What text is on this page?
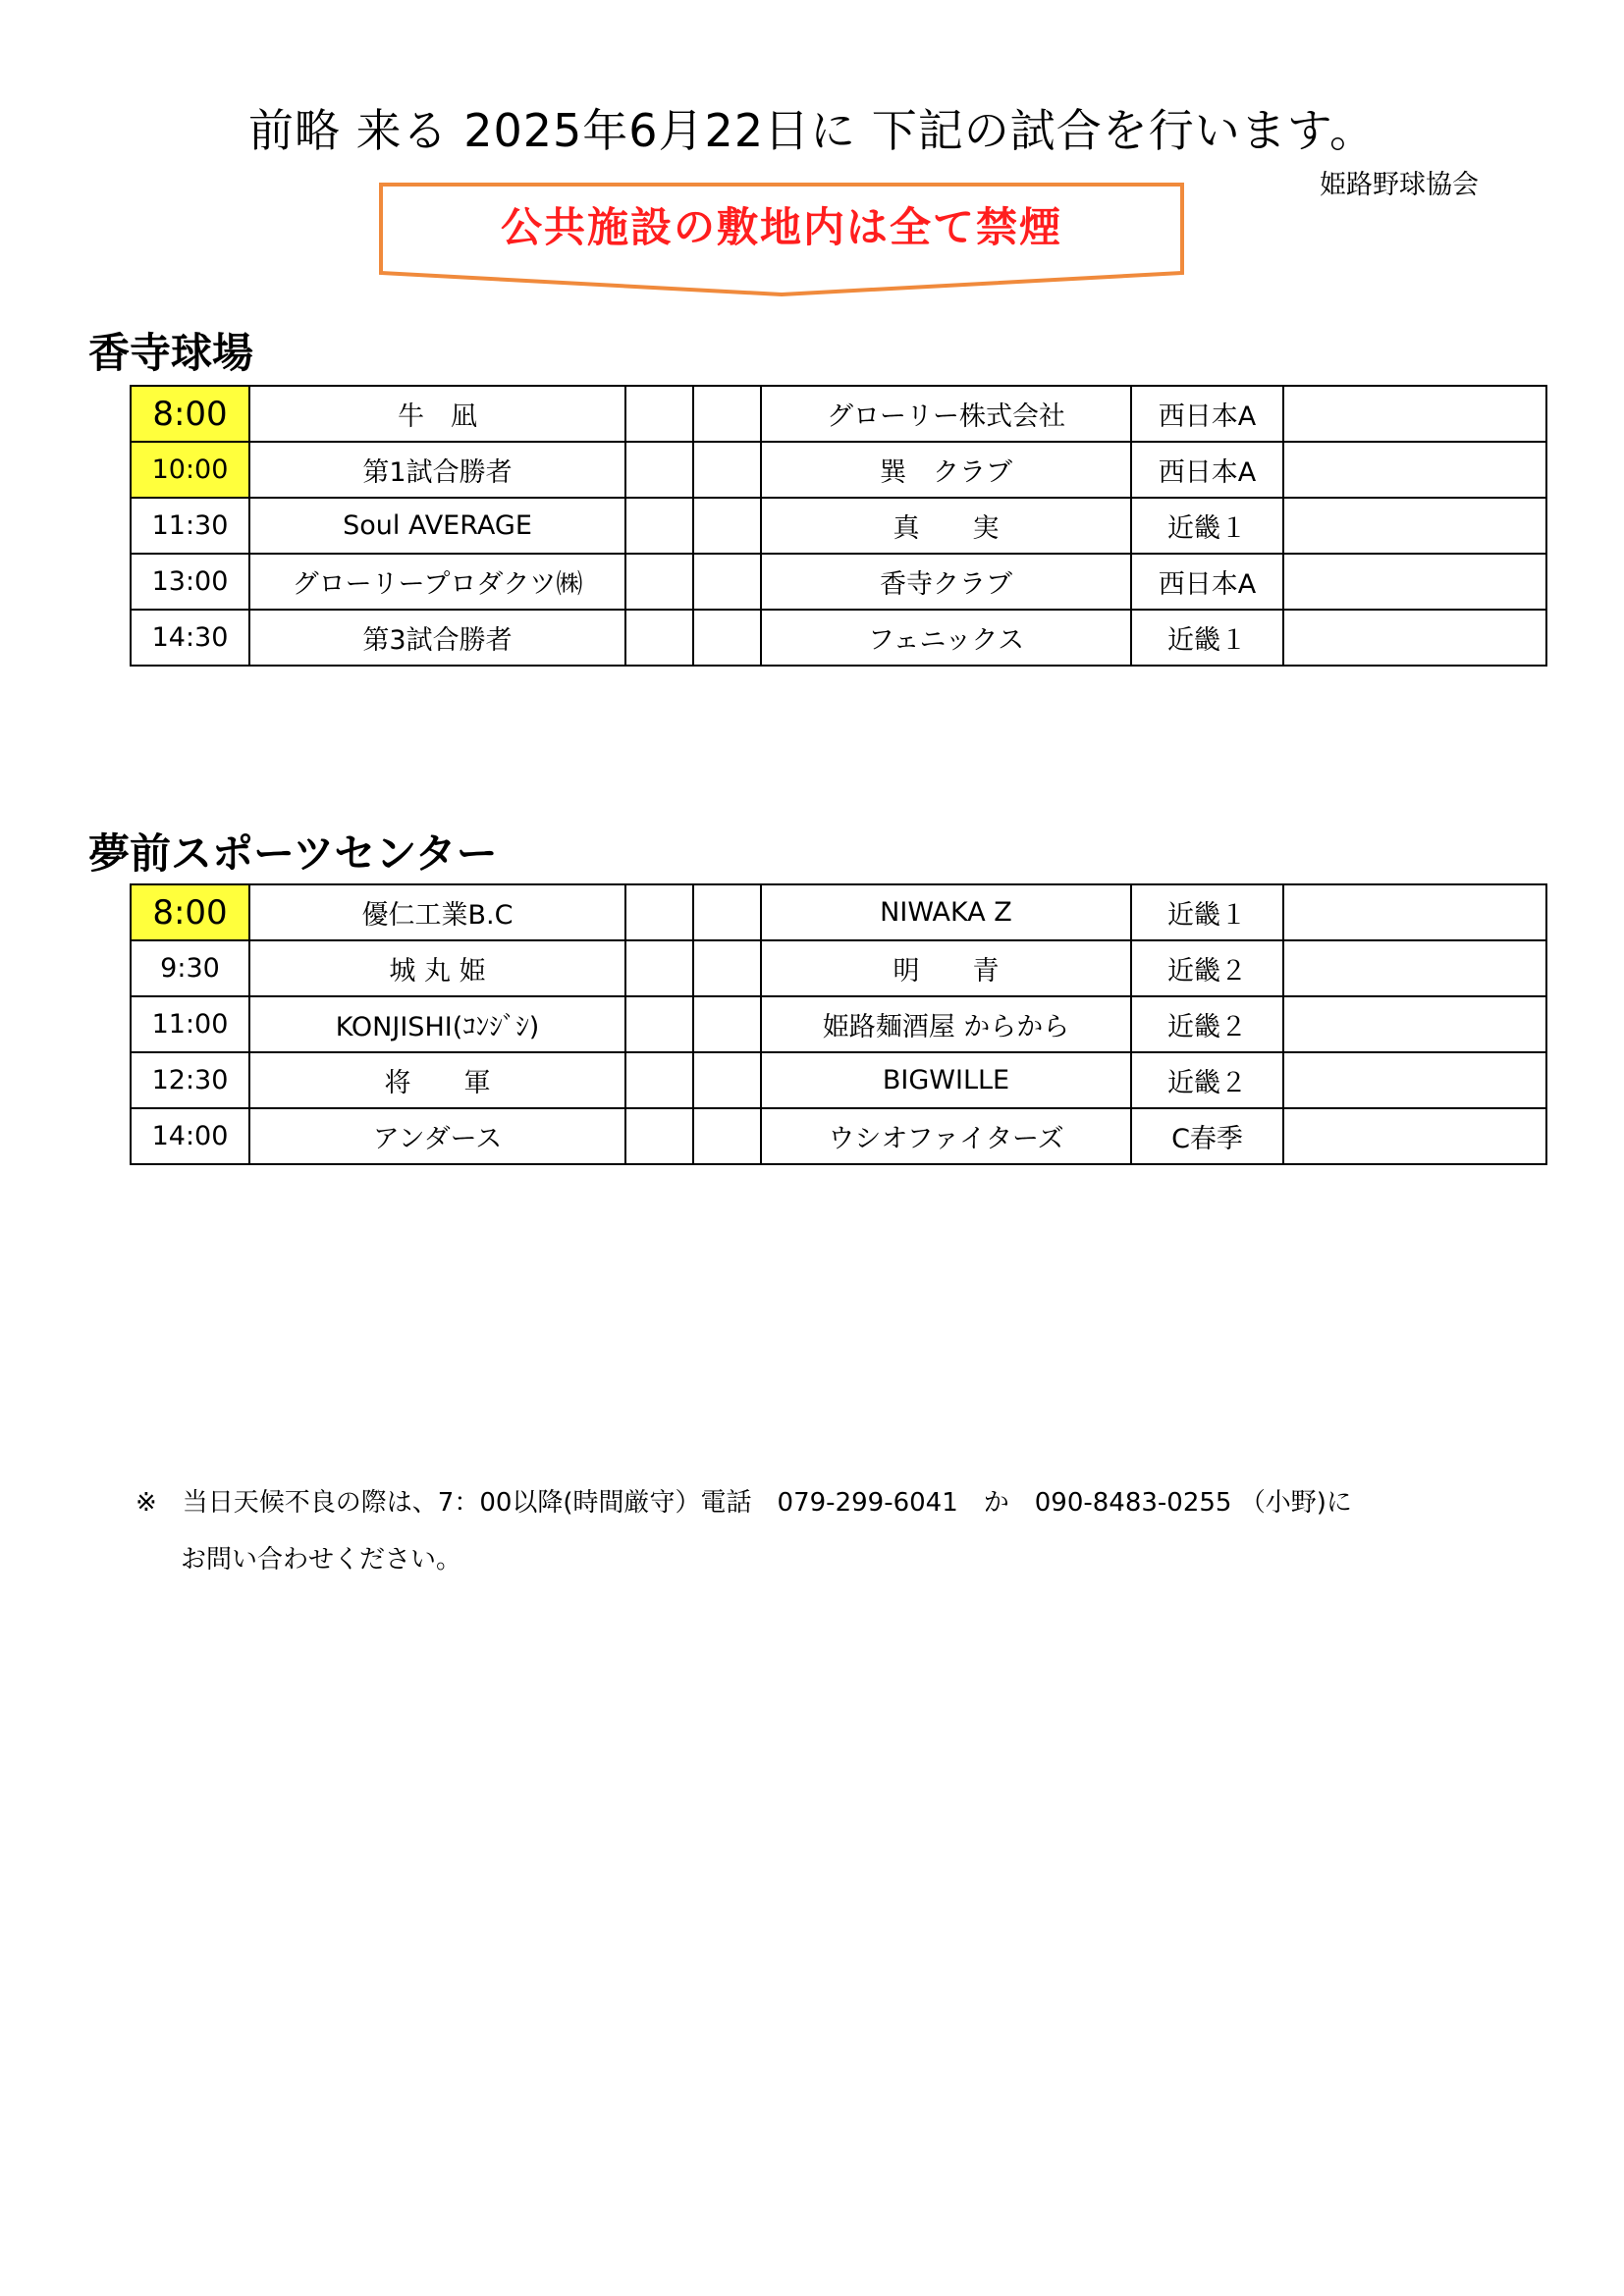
前略 来る 2025年6月22日に 下記の試合を行います。
姫路野球協会
公共施設の敷地内は全て禁煙
香寺球場
8:00	牛　凪			グローリー株式会社	西日本A	
10:00	第1試合勝者			巽　クラブ	西日本A	
11:30	Soul AVERAGE			真　　実	近畿１	
13:00	グローリープロダクツ㈱			香寺クラブ	西日本A	
14:30	第3試合勝者			フェニックス	近畿１	
夢前スポーツセンター
8:00	優仁工業B.C			NIWAKA Z	近畿１	
9:30	城 丸 姫			明　　青	近畿２	
11:00	KONJISHI(ｺﾝｼﾞｼ)			姫路麺酒屋 からから	近畿２	
12:30	将　　軍			BIGWILLE	近畿２	
14:00	アンダース			ウシオファイターズ	C春季	
※　当日天候不良の際は、7：00以降(時間厳守）電話　079-299-6041　か　090-8483-0255 （小野)に
お問い合わせください。
